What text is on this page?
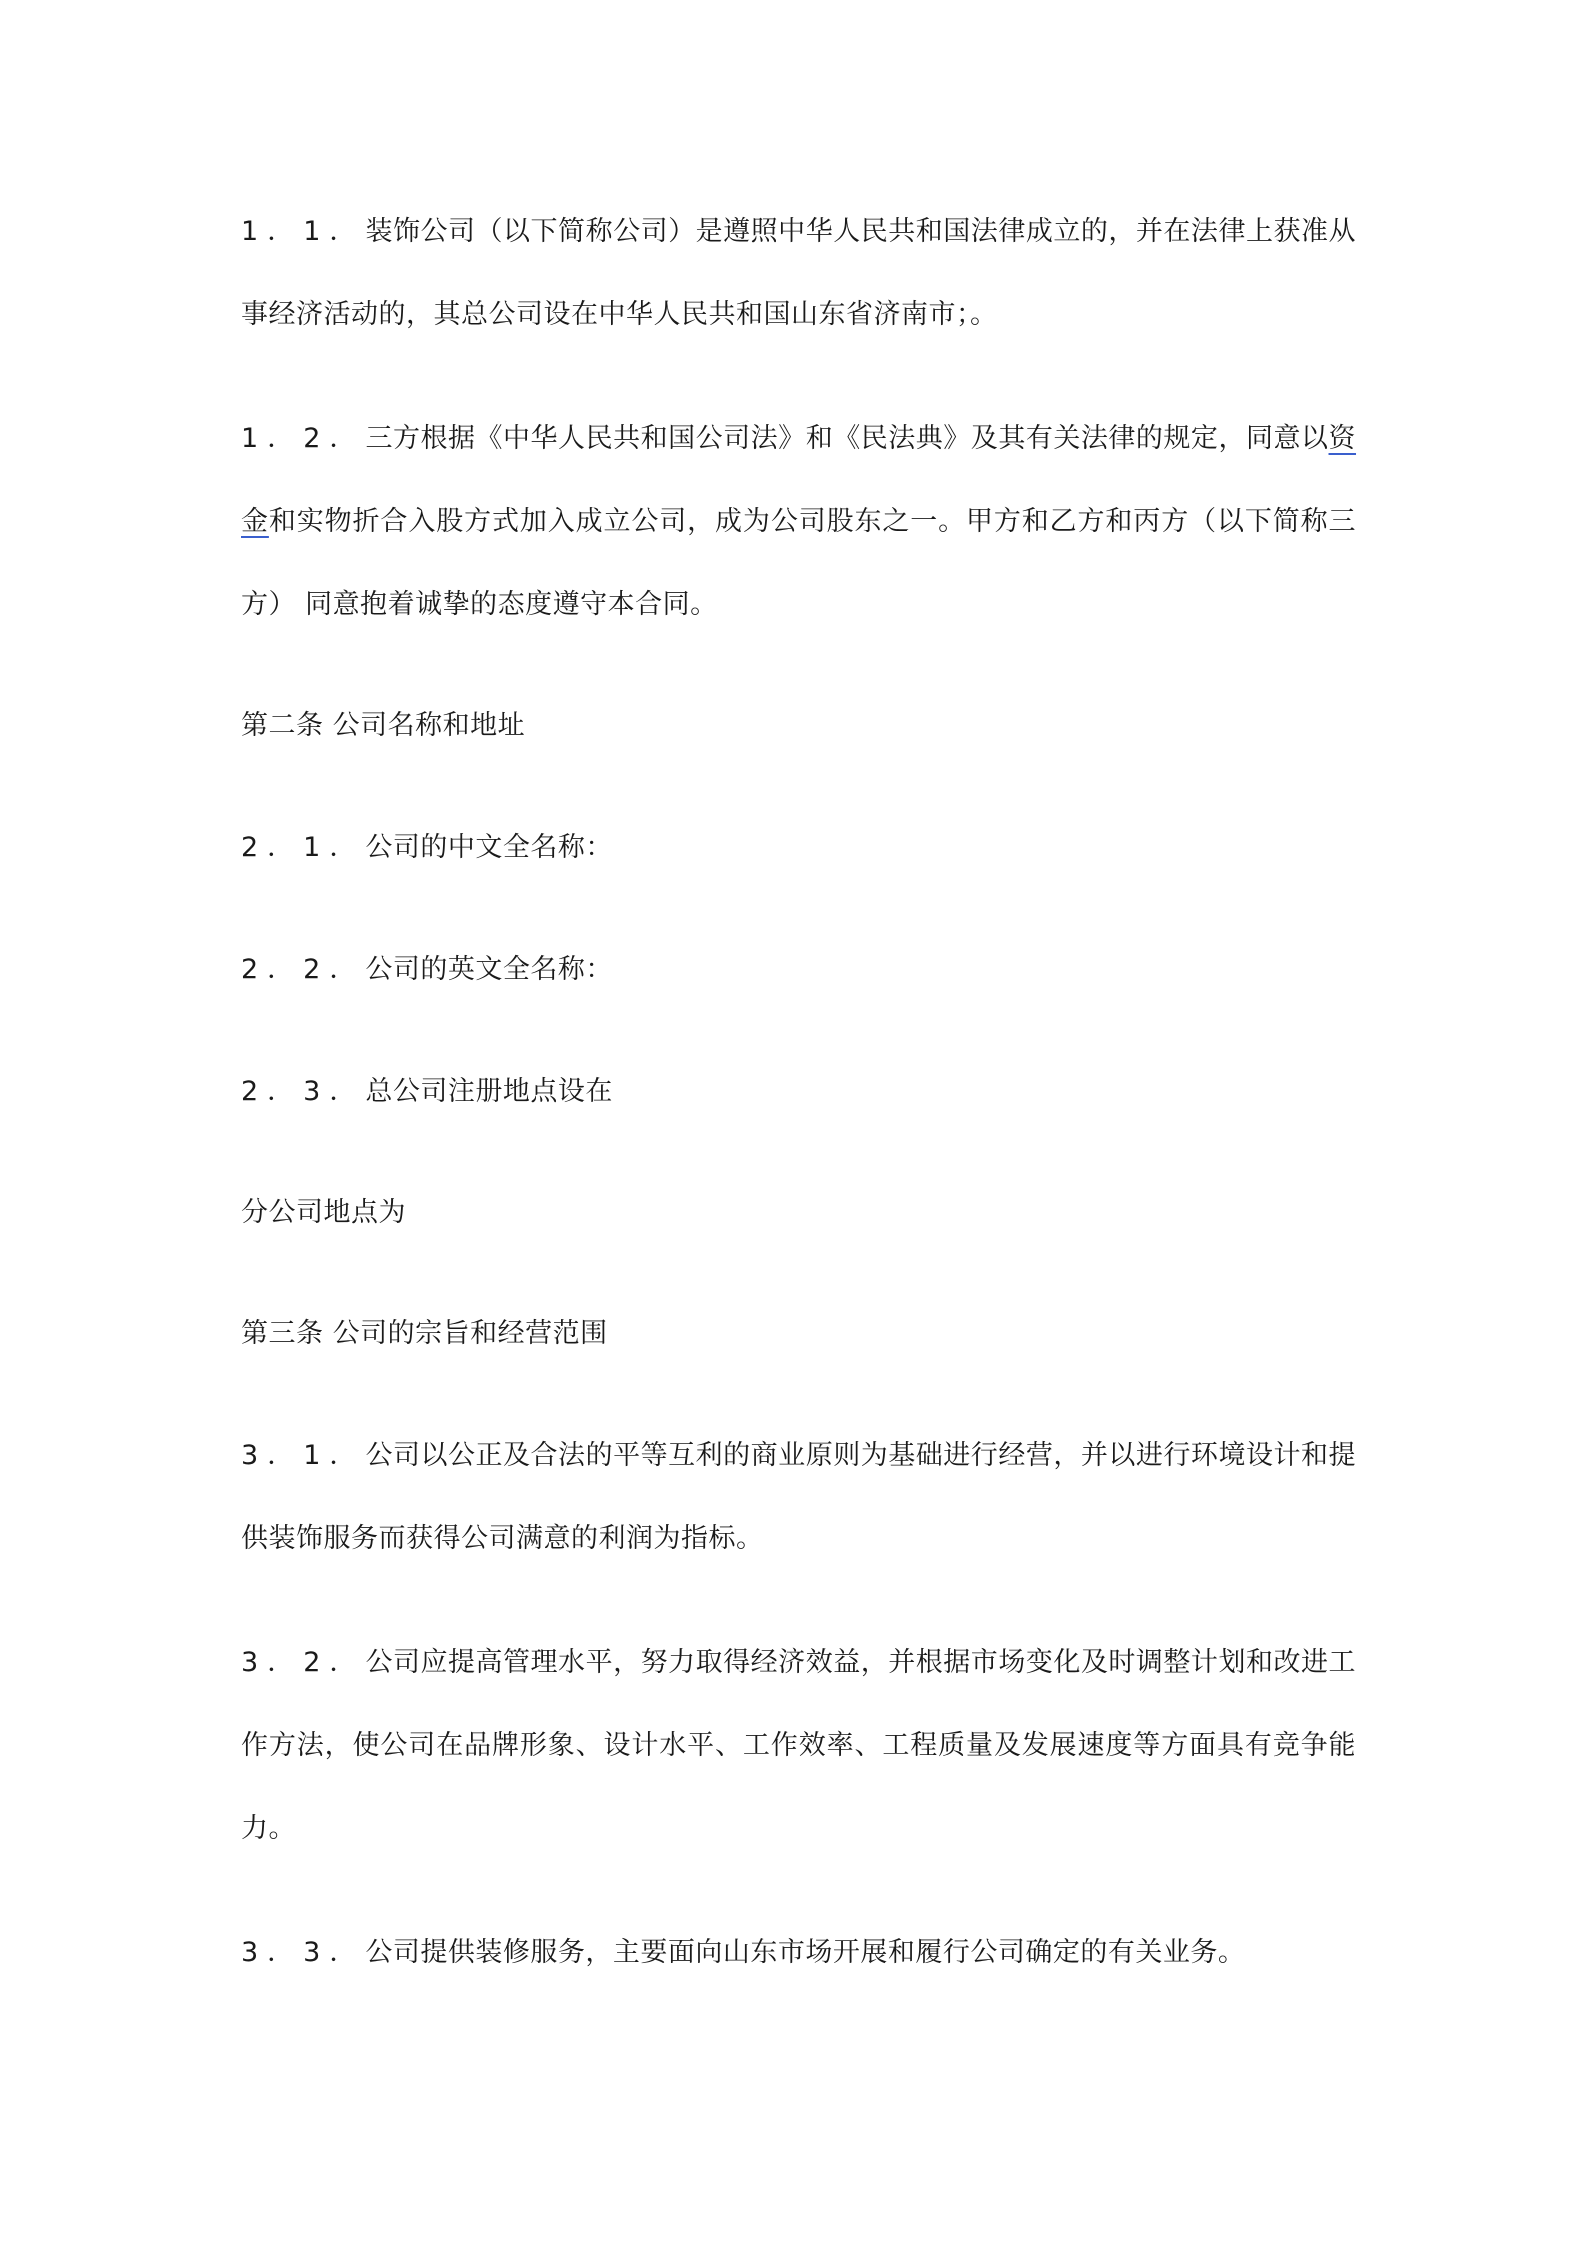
1．1．装饰公司（以下简称公司）是遵照中华人民共和国法律成立的，并在法律上获准从事经济活动的，其总公司设在中华人民共和国山东省济南市；。

1．2．三方根据《中华人民共和国公司法》和《民法典》及其有关法律的规定，同意以资金和实物折合入股方式加入成立公司，成为公司股东之一。甲方和乙方和丙方（以下简称三方） 同意抱着诚挚的态度遵守本合同。

第二条 公司名称和地址

2．1．公司的中文全名称：

2．2．公司的英文全名称：

2．3．总公司注册地点设在

分公司地点为

第三条 公司的宗旨和经营范围

3．1．公司以公正及合法的平等互利的商业原则为基础进行经营，并以进行环境设计和提供装饰服务而获得公司满意的利润为指标。

3．2．公司应提高管理水平，努力取得经济效益，并根据市场变化及时调整计划和改进工作方法，使公司在品牌形象、设计水平、工作效率、工程质量及发展速度等方面具有竞争能力。

3．3．公司提供装修服务，主要面向山东市场开展和履行公司确定的有关业务。
